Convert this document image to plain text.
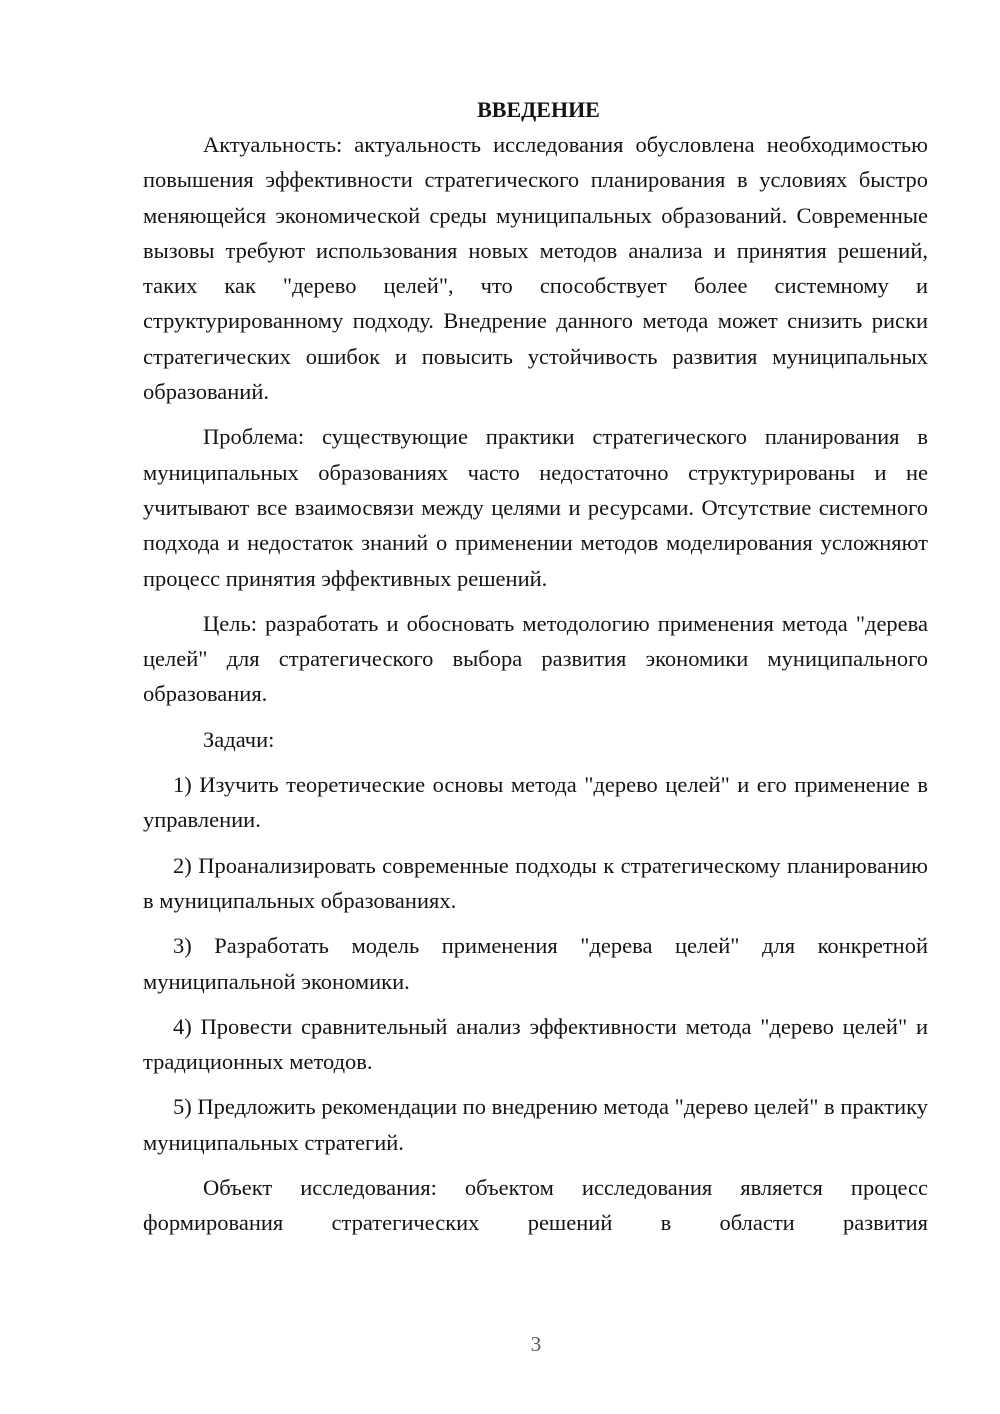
ВВЕДЕНИЕ

Актуальность: актуальность исследования обусловлена необходимостью повышения эффективности стратегического планирования в условиях быстро меняющейся экономической среды муниципальных образований. Современные вызовы требуют использования новых методов анализа и принятия решений, таких как "дерево целей", что способствует более системному и структурированному подходу. Внедрение данного метода может снизить риски стратегических ошибок и повысить устойчивость развития муниципальных образований.

Проблема: существующие практики стратегического планирования в муниципальных образованиях часто недостаточно структурированы и не учитывают все взаимосвязи между целями и ресурсами. Отсутствие системного подхода и недостаток знаний о применении методов моделирования усложняют процесс принятия эффективных решений.

Цель: разработать и обосновать методологию применения метода "дерева целей" для стратегического выбора развития экономики муниципального образования.

Задачи:

1) Изучить теоретические основы метода "дерево целей" и его применение в управлении.

2) Проанализировать современные подходы к стратегическому планированию в муниципальных образованиях.

3) Разработать модель применения "дерева целей" для конкретной муниципальной экономики.

4) Провести сравнительный анализ эффективности метода "дерево целей" и традиционных методов.

5) Предложить рекомендации по внедрению метода "дерево целей" в практику муниципальных стратегий.

Объект исследования: объектом исследования является процесс формирования стратегических решений в области развития

3
